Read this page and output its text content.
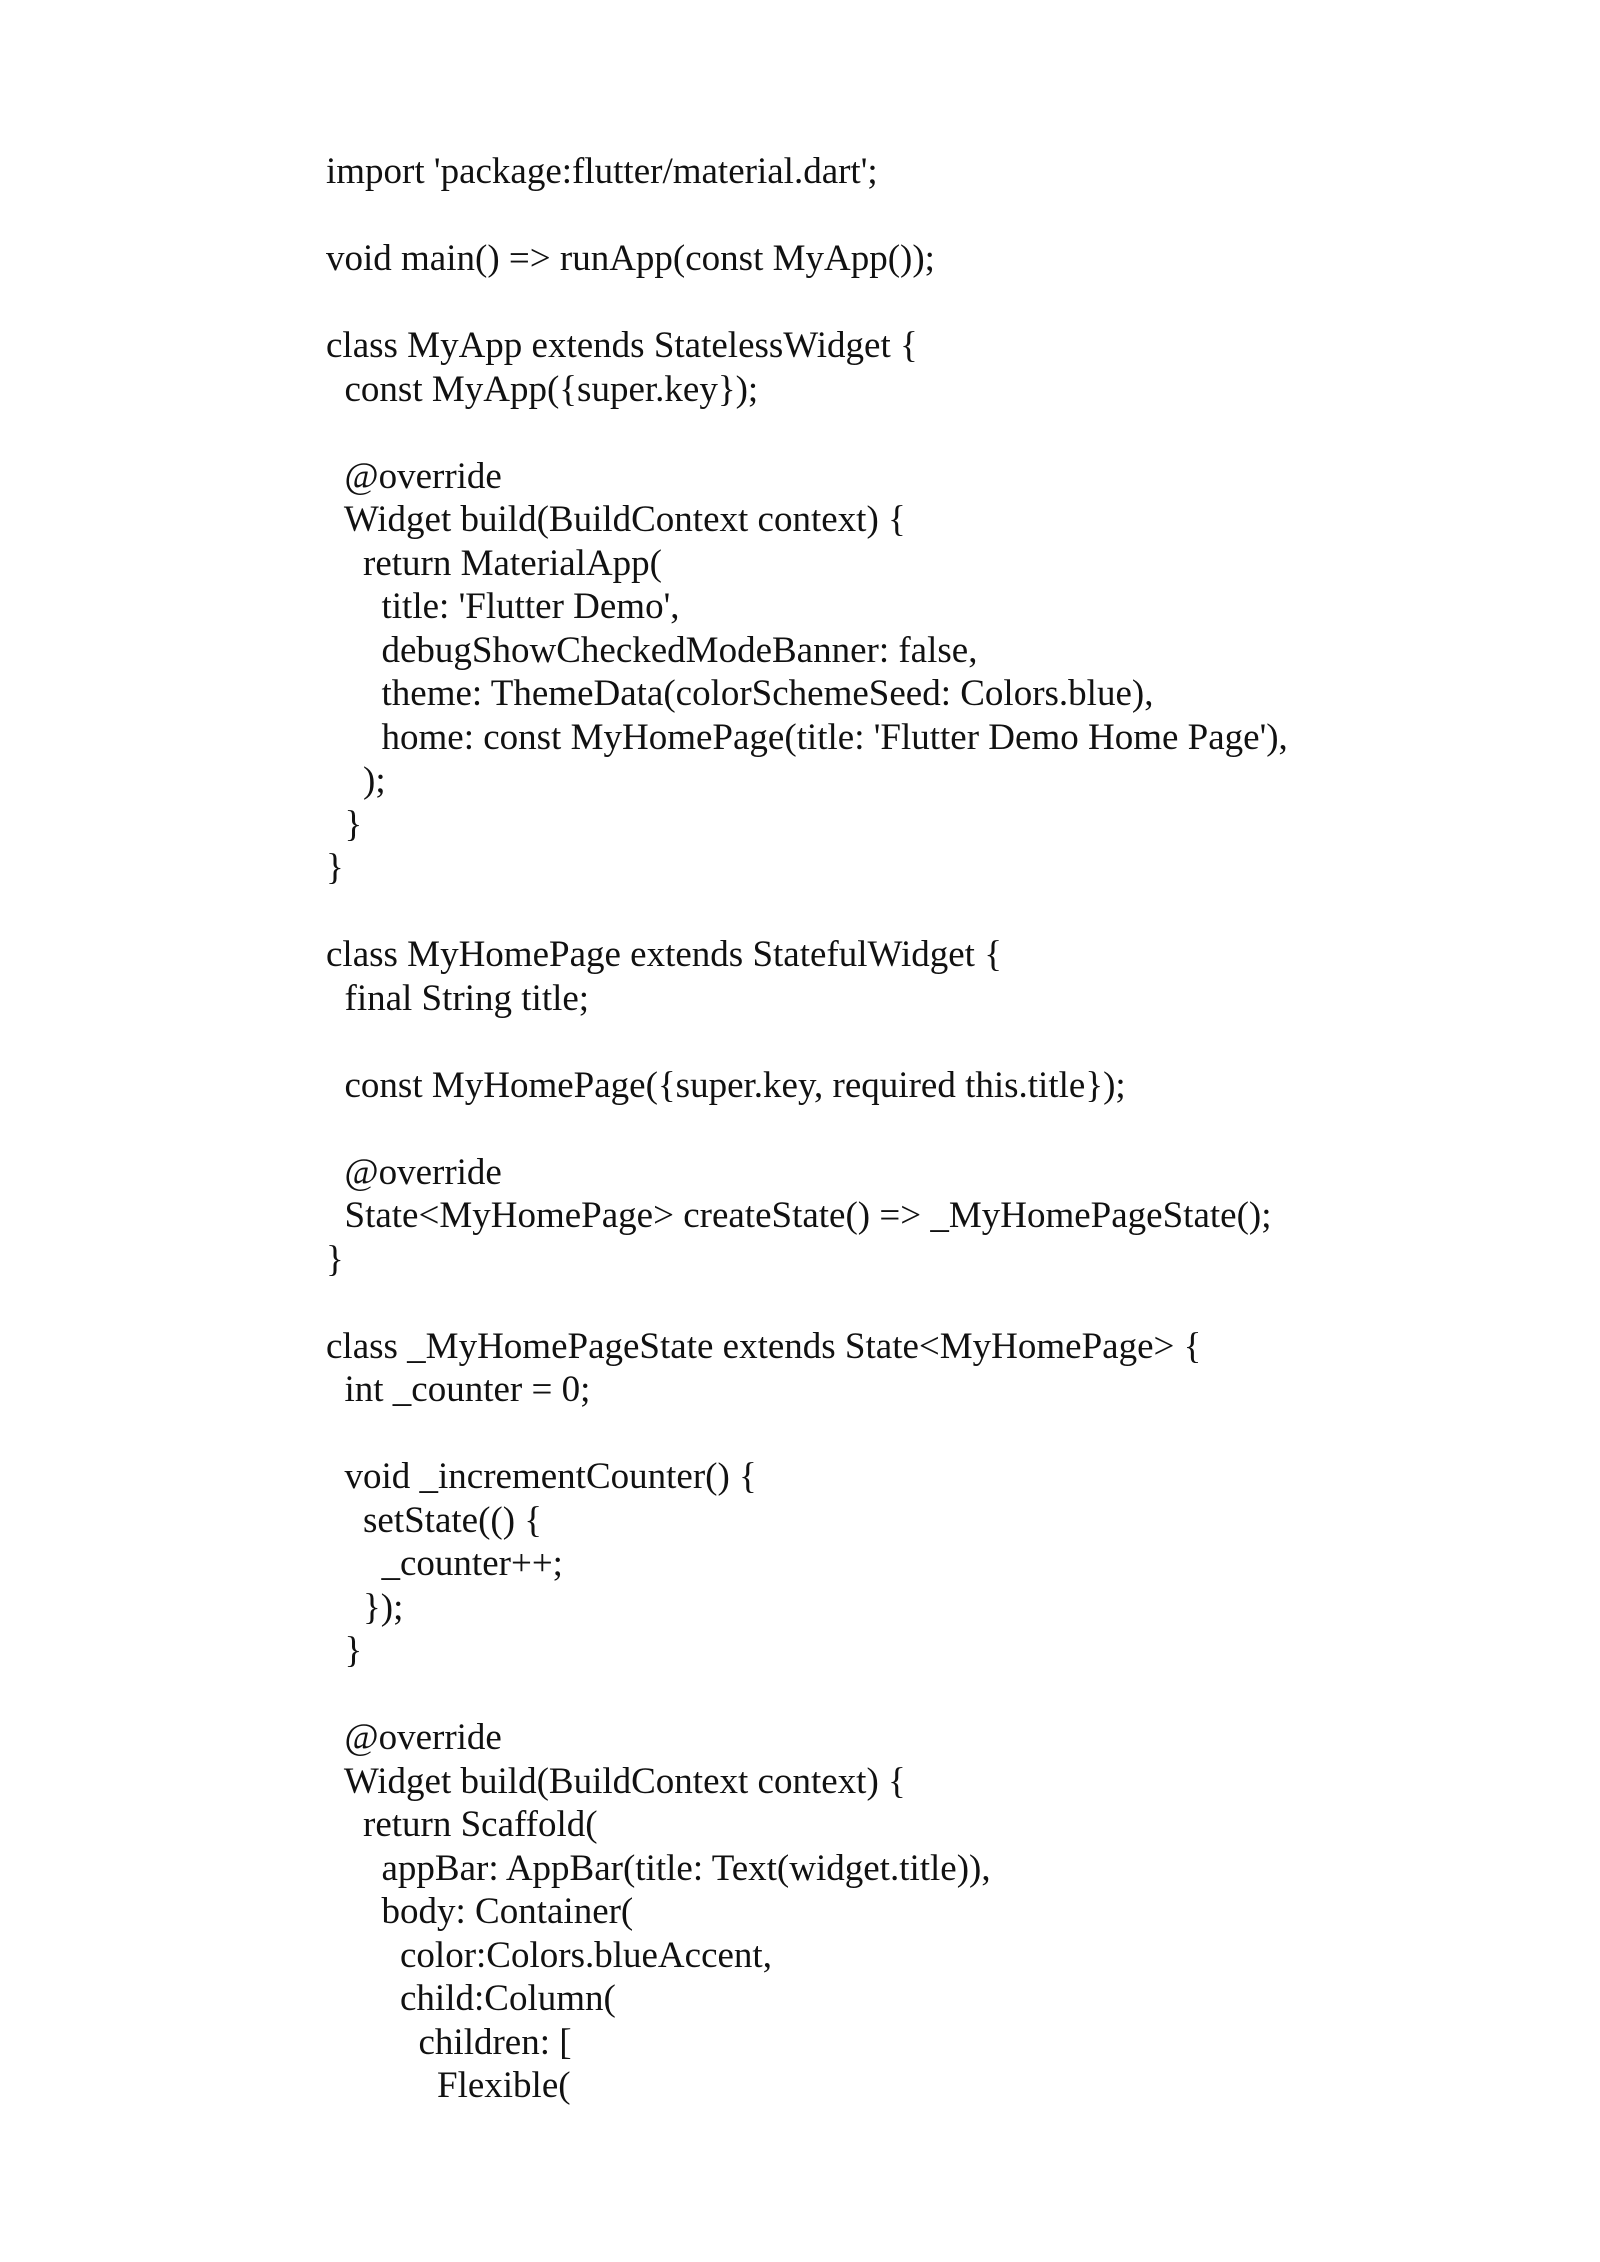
import 'package:flutter/material.dart';
void main() => runApp(const MyApp());
class MyApp extends StatelessWidget {
const MyApp({super.key});
@override
Widget build(BuildContext context) {
return MaterialApp(
title: 'Flutter Demo',
debugShowCheckedModeBanner: false,
theme: ThemeData(colorSchemeSeed: Colors.blue),
home: const MyHomePage(title: 'Flutter Demo Home Page'),
);
}
}
class MyHomePage extends StatefulWidget {
final String title;
const MyHomePage({super.key, required this.title});
@override
State<MyHomePage> createState() => _MyHomePageState();
}
class _MyHomePageState extends State<MyHomePage> {
int _counter = 0;
void _incrementCounter() {
setState(() {
_counter++;
});
}
@override
Widget build(BuildContext context) {
return Scaffold(
appBar: AppBar(title: Text(widget.title)),
body: Container(
color:Colors.blueAccent,
child:Column(
children: [
Flexible(
